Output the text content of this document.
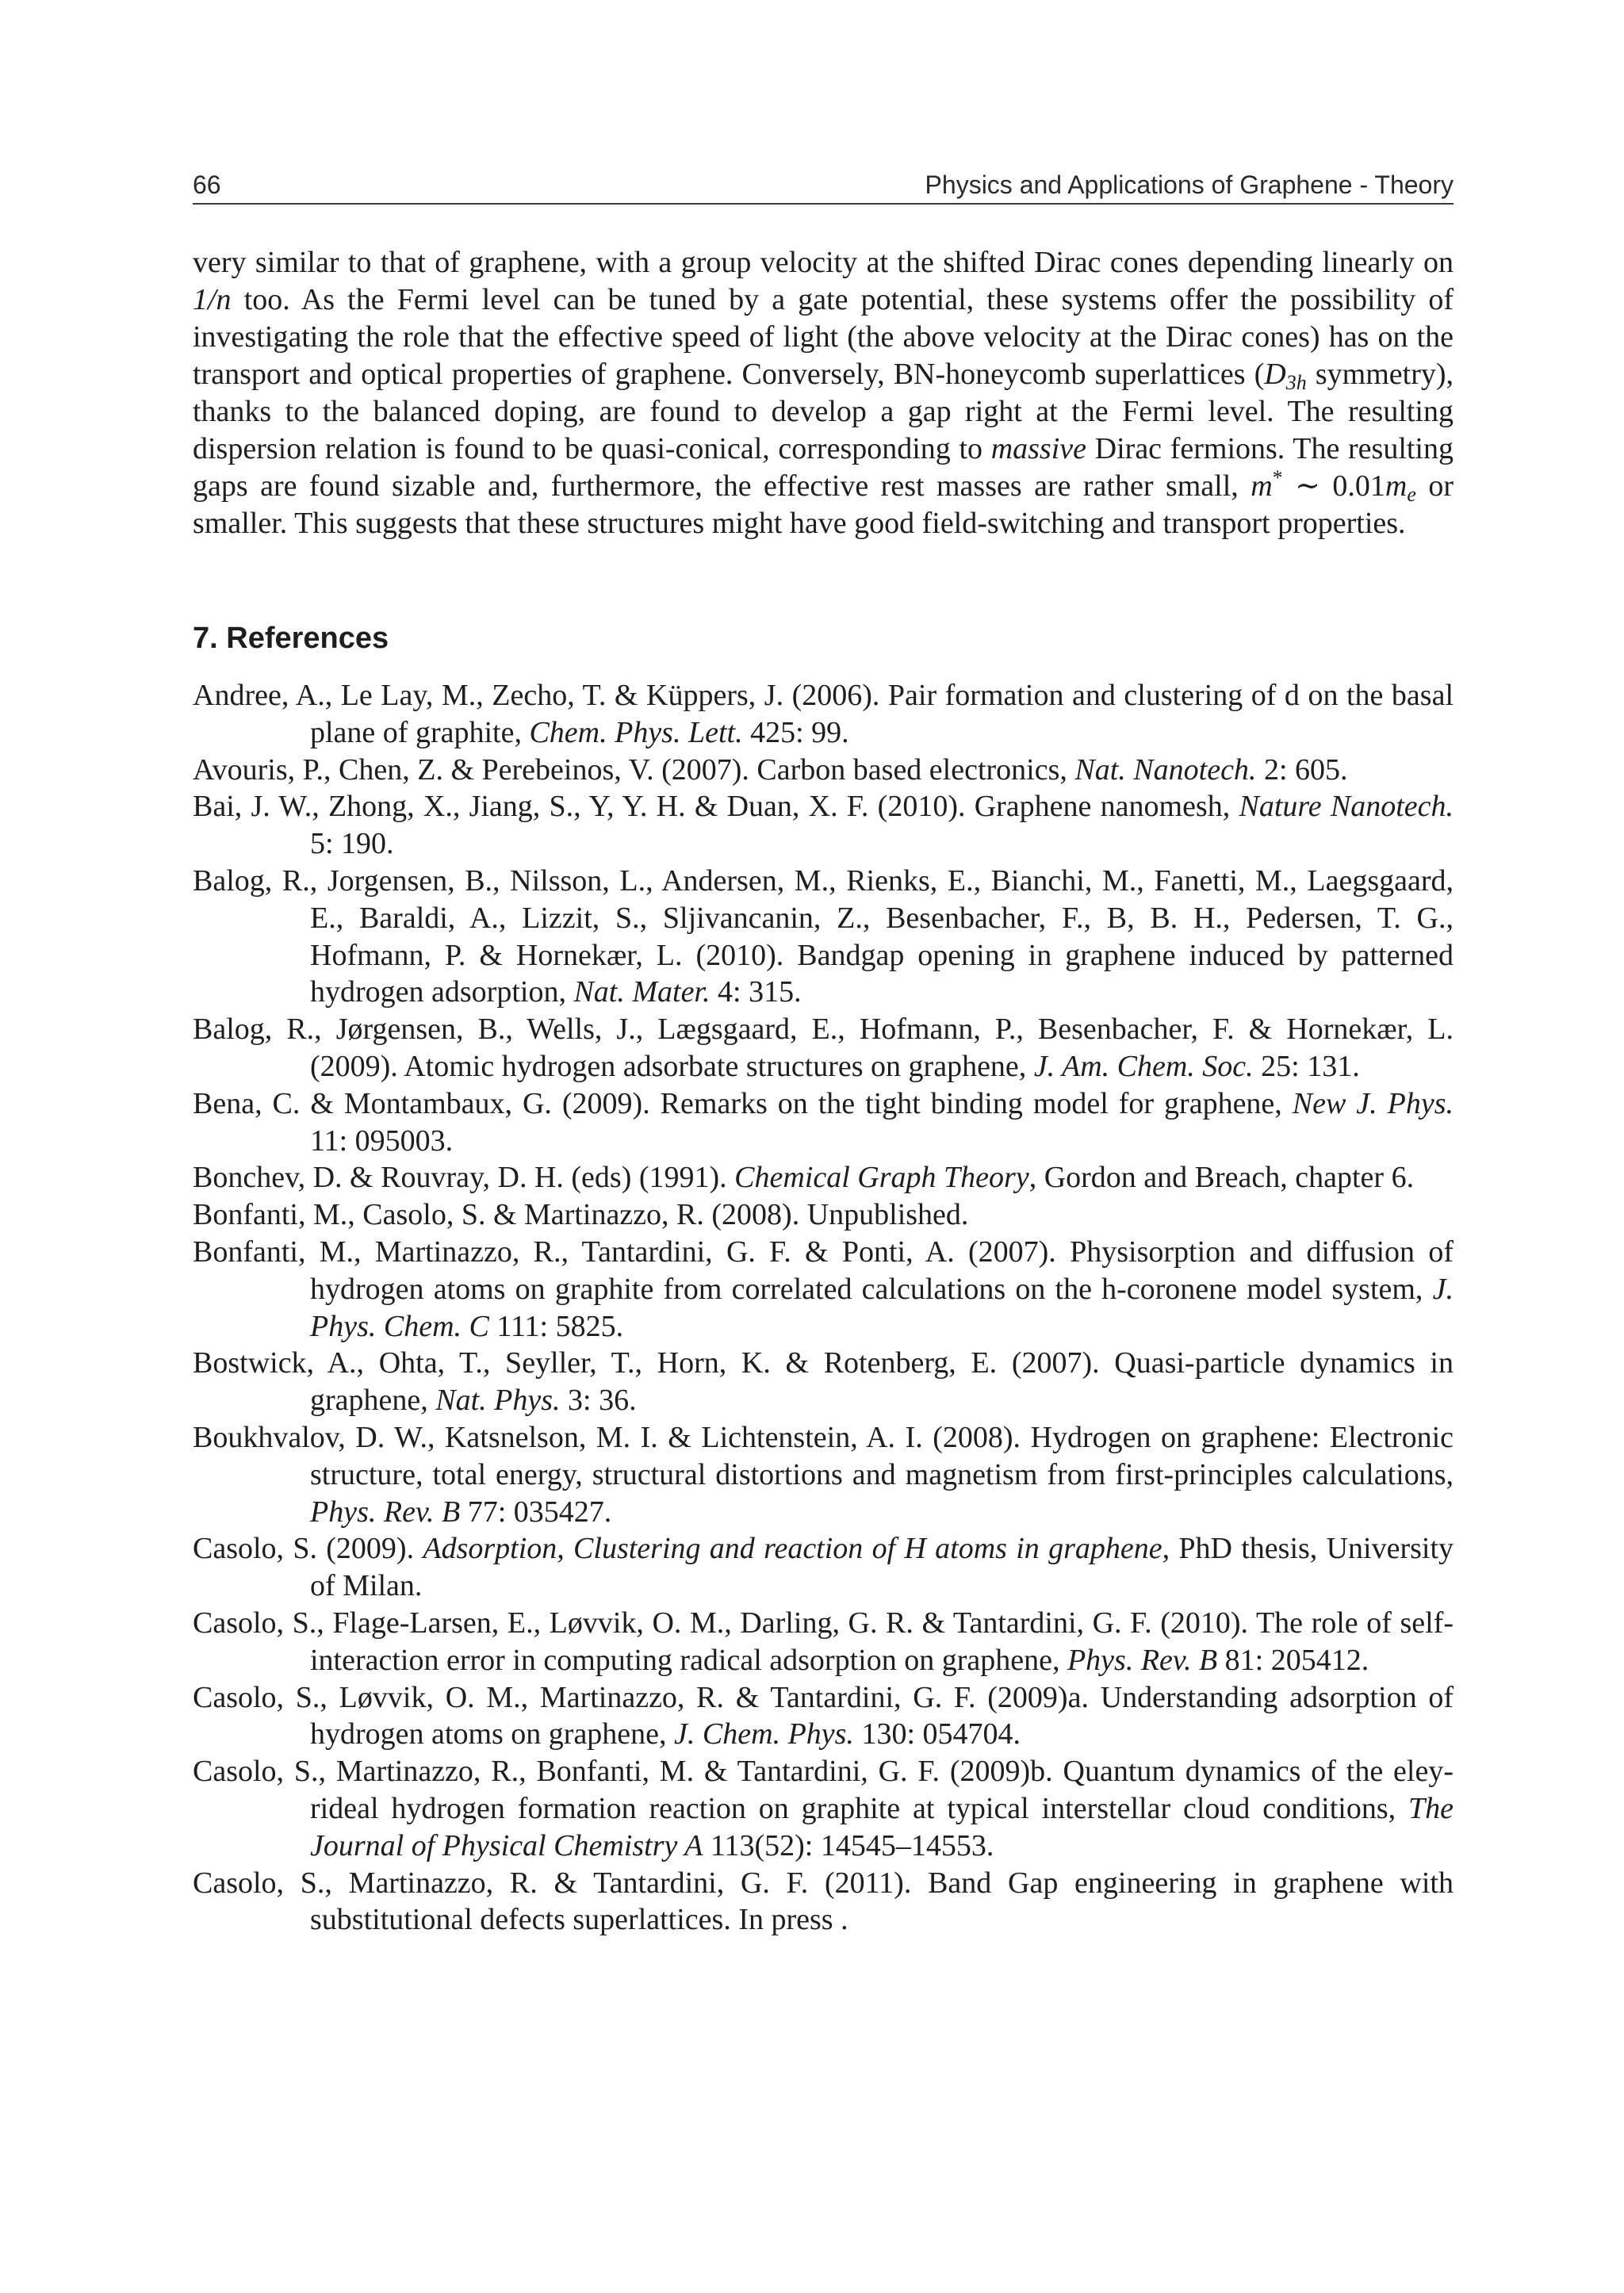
66	Physics and Applications of Graphene - Theory

very similar to that of graphene, with a group velocity at the shifted Dirac cones depending linearly on 1/n too. As the Fermi level can be tuned by a gate potential, these systems offer the possibility of investigating the role that the effective speed of light (the above velocity at the Dirac cones) has on the transport and optical properties of graphene. Conversely, BN-honeycomb superlattices ($D_{3h}$ symmetry), thanks to the balanced doping, are found to develop a gap right at the Fermi level. The resulting dispersion relation is found to be quasi-conical, corresponding to massive Dirac fermions. The resulting gaps are found sizable and, furthermore, the effective rest masses are rather small, m* ∼ $0.01m_e$ or smaller. This suggests that these structures might have good field-switching and transport properties.

7. References
Andree, A., Le Lay, M., Zecho, T. & Küppers, J. (2006). Pair formation and clustering of d on the basal plane of graphite, Chem. Phys. Lett. 425: 99.
Avouris, P., Chen, Z. & Perebeinos, V. (2007). Carbon based electronics, Nat. Nanotech. 2: 605.
Bai, J. W., Zhong, X., Jiang, S., Y, Y. H. & Duan, X. F. (2010). Graphene nanomesh, Nature Nanotech. 5: 190.
Balog, R., Jorgensen, B., Nilsson, L., Andersen, M., Rienks, E., Bianchi, M., Fanetti, M., Laegsgaard, E., Baraldi, A., Lizzit, S., Sljivancanin, Z., Besenbacher, F., B, B. H., Pedersen, T. G., Hofmann, P. & Hornekær, L. (2010). Bandgap opening in graphene induced by patterned hydrogen adsorption, Nat. Mater. 4: 315.
Balog, R., Jørgensen, B., Wells, J., Lægsgaard, E., Hofmann, P., Besenbacher, F. & Hornekær, L. (2009). Atomic hydrogen adsorbate structures on graphene, J. Am. Chem. Soc. 25: 131.
Bena, C. & Montambaux, G. (2009). Remarks on the tight binding model for graphene, New J. Phys. 11: 095003.
Bonchev, D. & Rouvray, D. H. (eds) (1991). Chemical Graph Theory, Gordon and Breach, chapter 6.
Bonfanti, M., Casolo, S. & Martinazzo, R. (2008). Unpublished.
Bonfanti, M., Martinazzo, R., Tantardini, G. F. & Ponti, A. (2007). Physisorption and diffusion of hydrogen atoms on graphite from correlated calculations on the h-coronene model system, J. Phys. Chem. C 111: 5825.
Bostwick, A., Ohta, T., Seyller, T., Horn, K. & Rotenberg, E. (2007). Quasi-particle dynamics in graphene, Nat. Phys. 3: 36.
Boukhvalov, D. W., Katsnelson, M. I. & Lichtenstein, A. I. (2008). Hydrogen on graphene: Electronic structure, total energy, structural distortions and magnetism from first-principles calculations, Phys. Rev. B 77: 035427.
Casolo, S. (2009). Adsorption, Clustering and reaction of H atoms in graphene, PhD thesis, University of Milan.
Casolo, S., Flage-Larsen, E., Løvvik, O. M., Darling, G. R. & Tantardini, G. F. (2010). The role of self-interaction error in computing radical adsorption on graphene, Phys. Rev. B 81: 205412.
Casolo, S., Løvvik, O. M., Martinazzo, R. & Tantardini, G. F. (2009)a. Understanding adsorption of hydrogen atoms on graphene, J. Chem. Phys. 130: 054704.
Casolo, S., Martinazzo, R., Bonfanti, M. & Tantardini, G. F. (2009)b. Quantum dynamics of the eley-rideal hydrogen formation reaction on graphite at typical interstellar cloud conditions, The Journal of Physical Chemistry A 113(52): 14545–14553.
Casolo, S., Martinazzo, R. & Tantardini, G. F. (2011). Band Gap engineering in graphene with substitutional defects superlattices. In press .
